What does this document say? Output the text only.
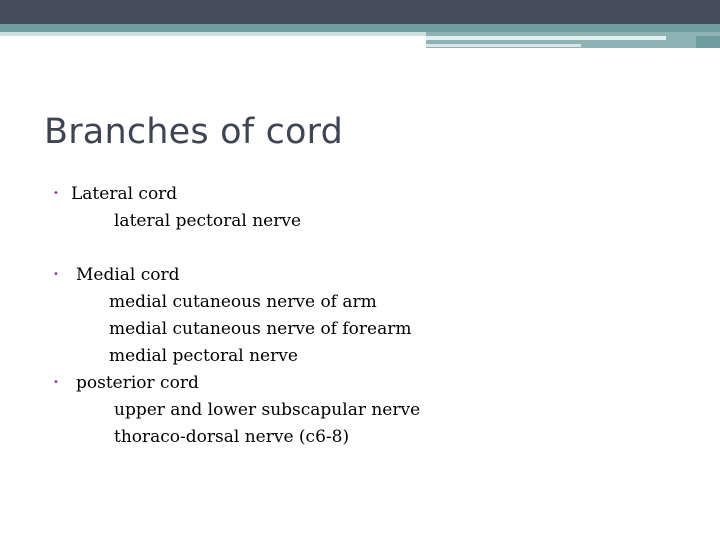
Branches of cord
• Lateral cord
lateral pectoral nerve
• Medial cord
medial cutaneous nerve of arm
medial cutaneous nerve of forearm
medial pectoral nerve
• posterior cord
upper and lower subscapular nerve
thoraco-dorsal nerve (c6-8)
